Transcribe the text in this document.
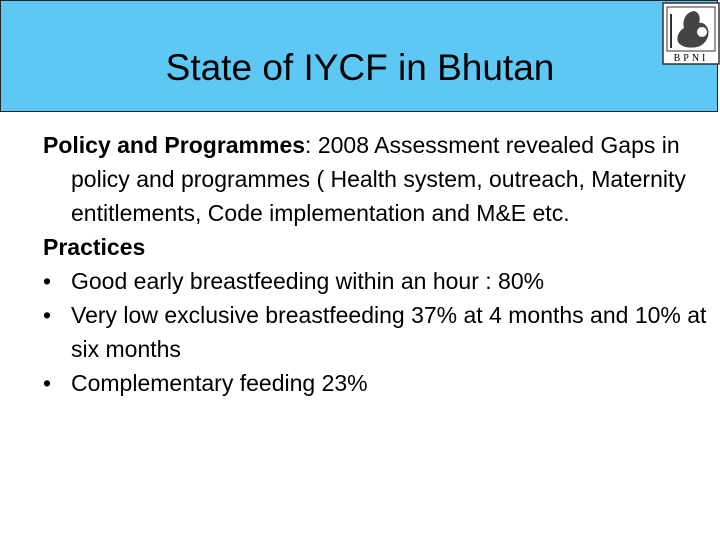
State of IYCF in Bhutan	BPNI

Policy and Programmes: 2008 Assessment revealed Gaps in policy and programmes ( Health system, outreach, Maternity entitlements, Code implementation and M&E etc.

Practices

• Good early breastfeeding within an hour : 80%
• Very low exclusive breastfeeding 37% at 4 months and 10% at six months
• Complementary feeding 23%
